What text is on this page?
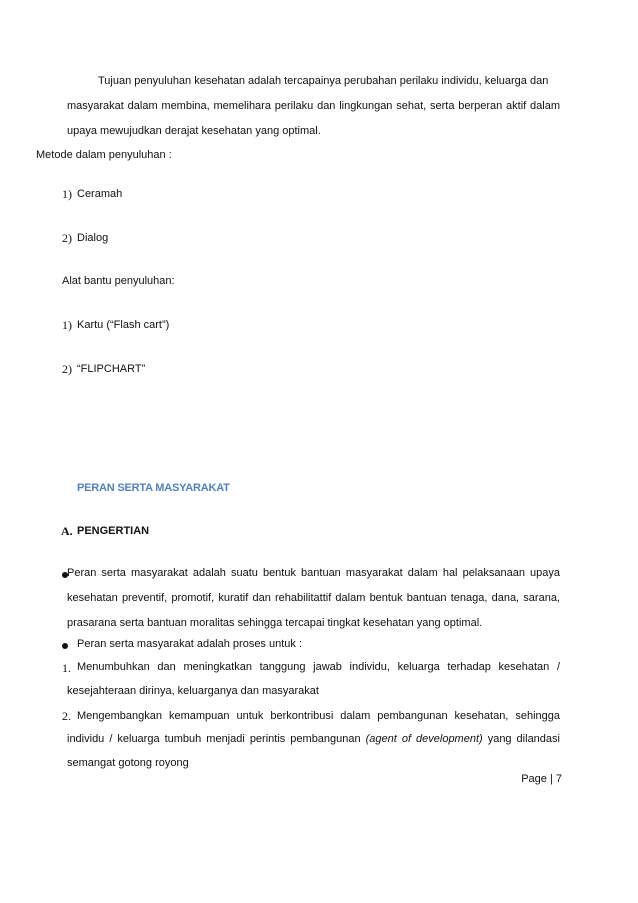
Tujuan penyuluhan kesehatan adalah tercapainya perubahan perilaku individu, keluarga dan
masyarakat dalam membina, memelihara perilaku dan lingkungan sehat, serta berperan aktif dalam
upaya mewujudkan derajat kesehatan yang optimal.
Metode dalam penyuluhan :
1) Ceramah
2) Dialog
Alat bantu penyuluhan:
1) Kartu (“Flash cart”)
2) “FLIPCHART”
PERAN SERTA MASYARAKAT
A. PENGERTIAN
Peran serta masyarakat adalah suatu bentuk bantuan masyarakat dalam hal pelaksanaan upaya
kesehatan preventif, promotif, kuratif dan rehabilitattif dalam bentuk bantuan tenaga, dana, sarana,
prasarana serta bantuan moralitas sehingga tercapai tingkat kesehatan yang optimal.
Peran serta masyarakat adalah proses untuk :
1. Menumbuhkan dan meningkatkan tanggung jawab individu, keluarga terhadap kesehatan /
kesejahteraan dirinya, keluarganya dan masyarakat
2. Mengembangkan kemampuan untuk berkontribusi dalam pembangunan kesehatan, sehingga
individu / keluarga tumbuh menjadi perintis pembangunan (agent of development) yang dilandasi
semangat gotong royong
Page | 7
